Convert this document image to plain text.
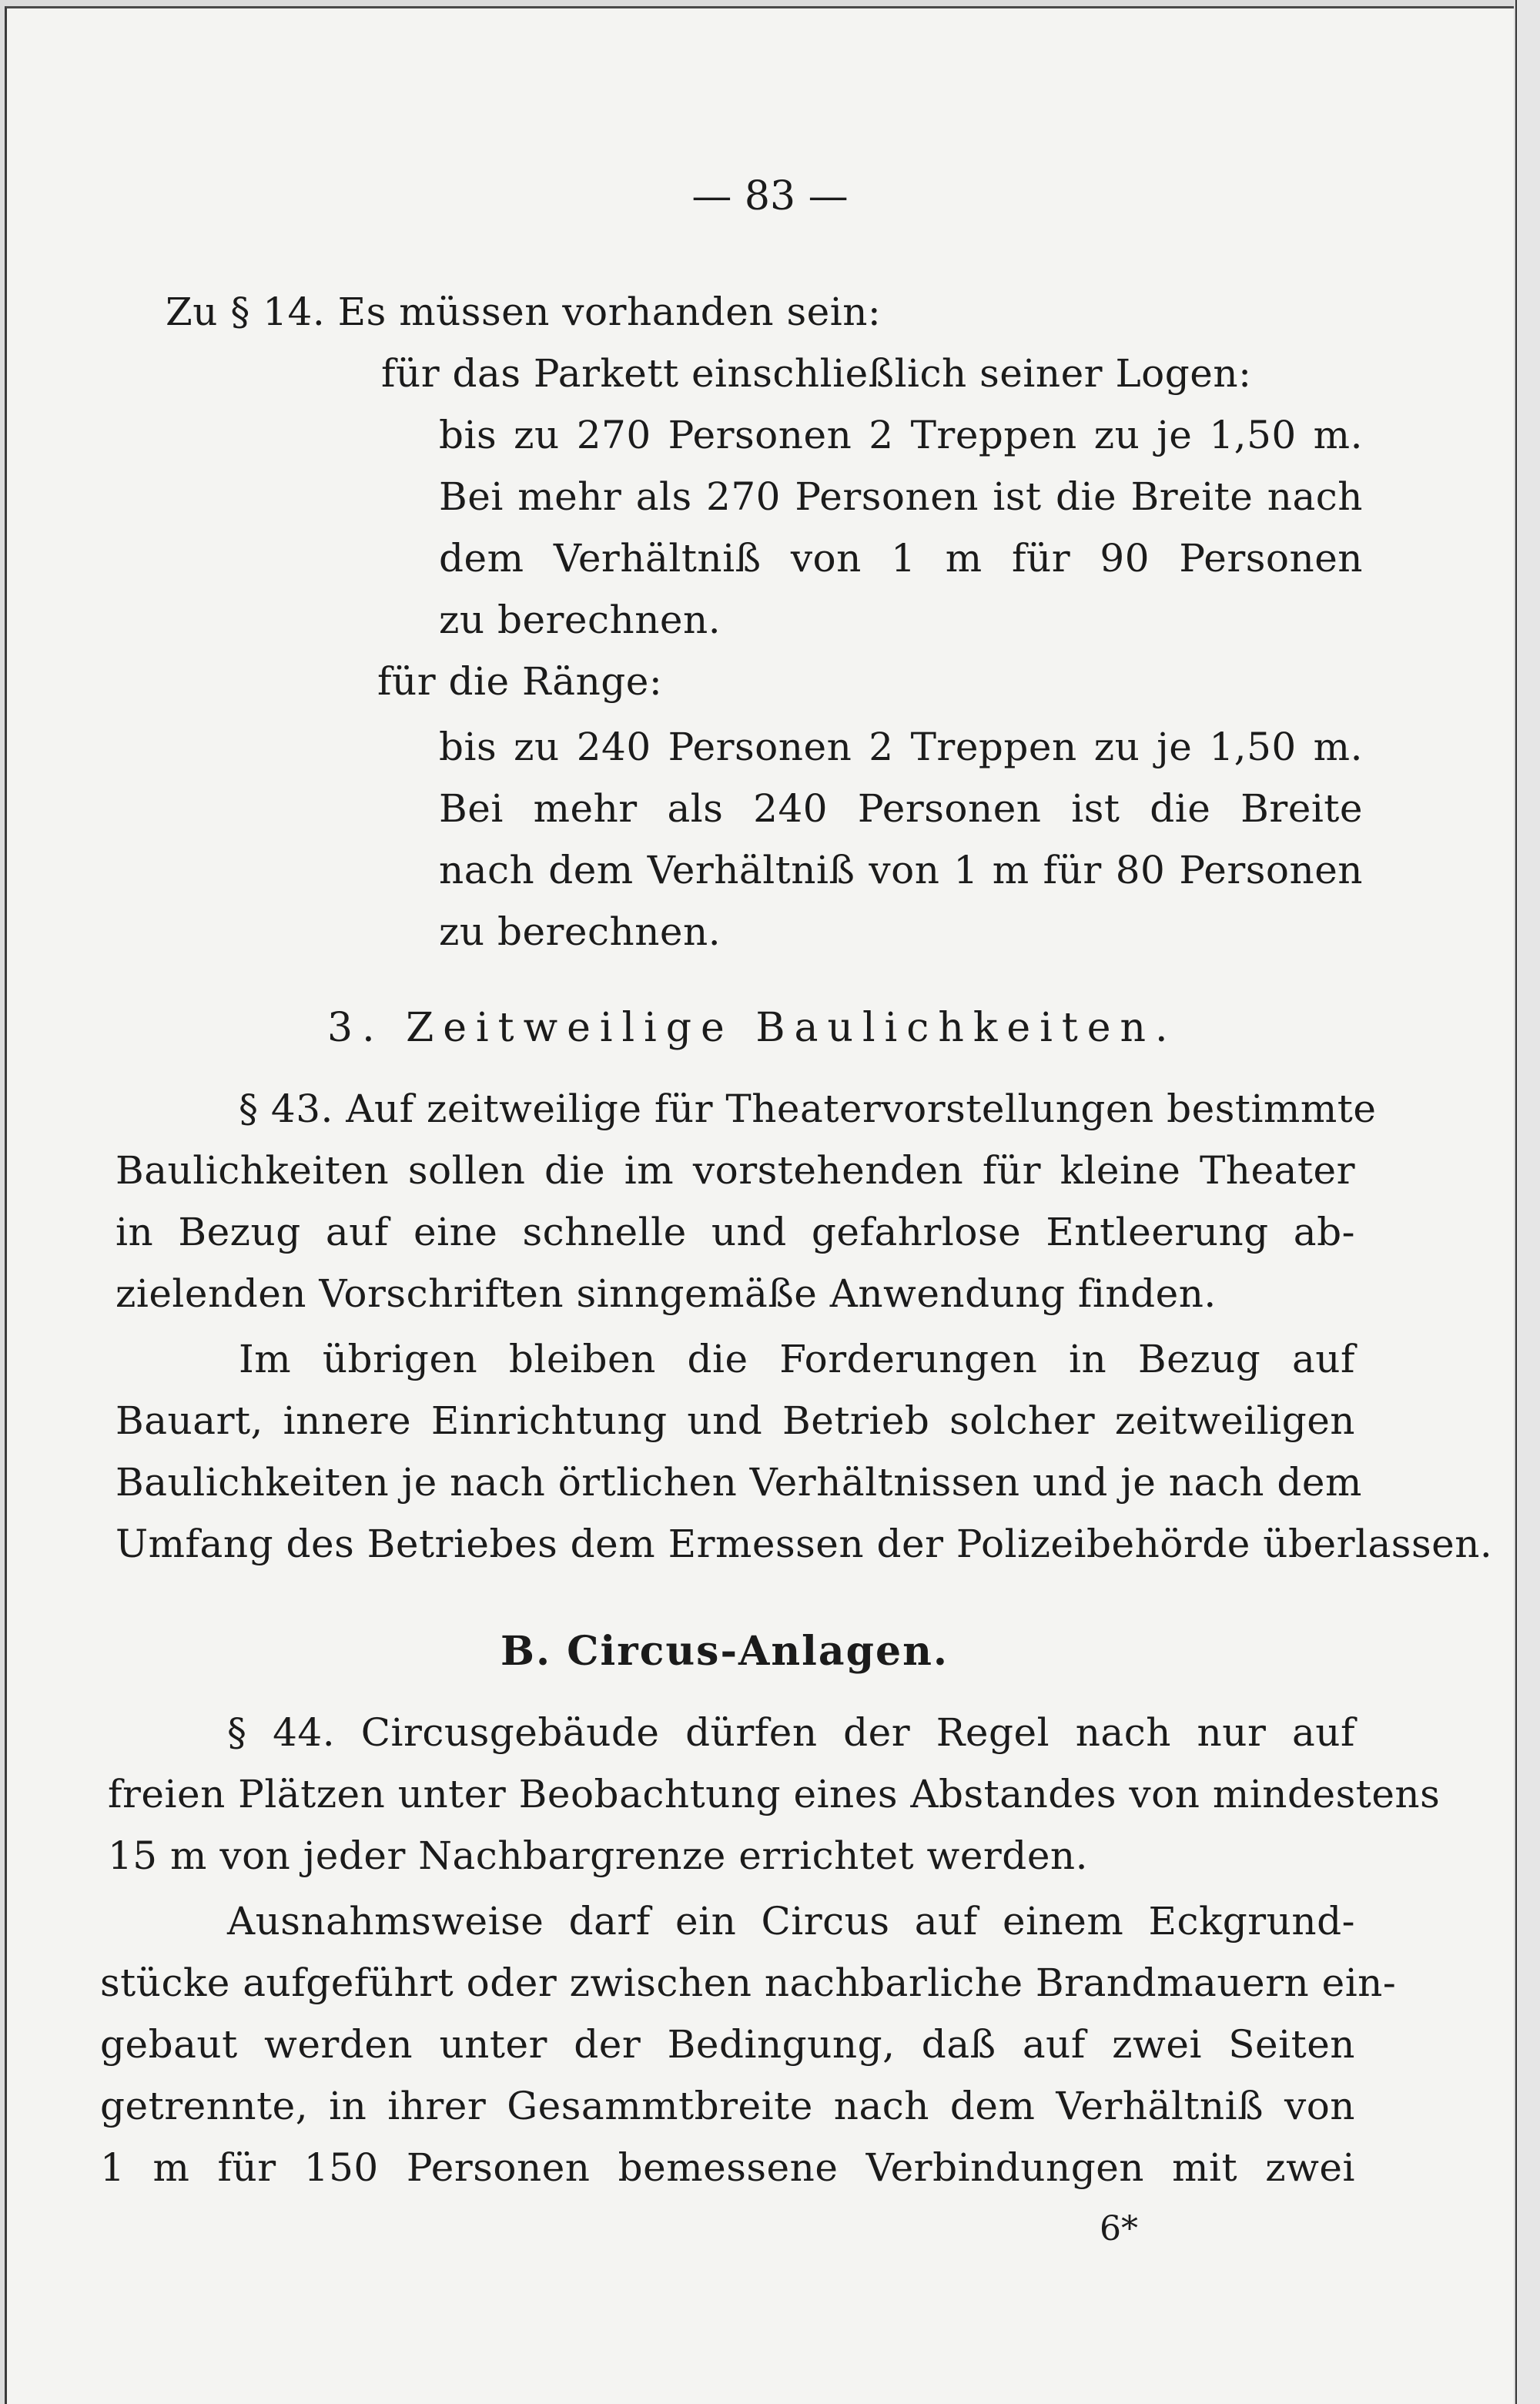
— 83 —

Zu § 14. Es müssen vorhanden sein:

für das Parkett einschließlich seiner Logen:

bis zu 270 Personen 2 Treppen zu je 1,50 m.

Bei mehr als 270 Personen ist die Breite nach

dem Verhältniß von 1 m für 90 Personen

zu berechnen.

für die Ränge:

bis zu 240 Personen 2 Treppen zu je 1,50 m.

Bei mehr als 240 Personen ist die Breite

nach dem Verhältniß von 1 m für 80 Personen

zu berechnen.

3. Zeitweilige Baulichkeiten.

§ 43. Auf zeitweilige für Theatervorstellungen bestimmte

Baulichkeiten sollen die im vorstehenden für kleine Theater

in Bezug auf eine schnelle und gefahrlose Entleerung ab-

zielenden Vorschriften sinngemäße Anwendung finden.

Im übrigen bleiben die Forderungen in Bezug auf

Bauart, innere Einrichtung und Betrieb solcher zeitweiligen

Baulichkeiten je nach örtlichen Verhältnissen und je nach dem

Umfang des Betriebes dem Ermessen der Polizeibehörde überlassen.

B. Circus-Anlagen.

§ 44. Circusgebäude dürfen der Regel nach nur auf

freien Plätzen unter Beobachtung eines Abstandes von mindestens

15 m von jeder Nachbargrenze errichtet werden.

Ausnahmsweise darf ein Circus auf einem Eckgrund-

stücke aufgeführt oder zwischen nachbarliche Brandmauern ein-

gebaut werden unter der Bedingung, daß auf zwei Seiten

getrennte, in ihrer Gesammtbreite nach dem Verhältniß von

1 m für 150 Personen bemessene Verbindungen mit zwei

6*
